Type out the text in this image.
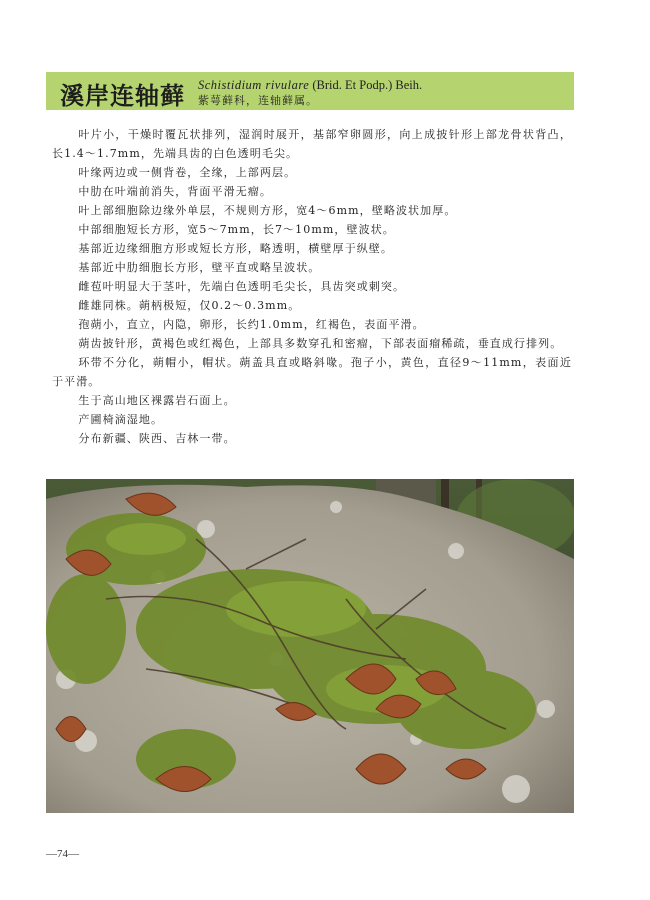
溪岸连轴藓 Schistidium rivulare (Brid. Et Podp.) Beih.
紫萼藓科，连轴藓属。

叶片小，干燥时覆瓦状排列，湿润时展开，基部窄卵圆形，向上成披针形上部龙骨状背凸，长1.4～1.7mm，先端具齿的白色透明毛尖。

叶缘两边或一侧背卷，全缘，上部两层。

中肋在叶端前消失，背面平滑无瘤。

叶上部细胞除边缘外单层，不规则方形，宽4～6mm，壁略波状加厚。

中部细胞短长方形，宽5～7mm，长7～10mm，壁波状。

基部近边缘细胞方形或短长方形，略透明，横壁厚于纵壁。

基部近中肋细胞长方形，壁平直或略呈波状。

雌苞叶明显大于茎叶，先端白色透明毛尖长，具齿突或刺突。

雌雄同株。蒴柄极短，仅0.2～0.3mm。

孢蒴小，直立，内隐，卵形，长约1.0mm，红褐色，表面平滑。

蒴齿披针形，黄褐色或红褐色，上部具多数穿孔和密瘤，下部表面瘤稀疏，垂直成行排列。

环带不分化，蒴帽小，帽状。蒴盖具直或略斜喙。孢子小，黄色，直径9～11mm，表面近于平滑。

生于高山地区裸露岩石面上。

产圃椅滴湿地。

分布新疆、陕西、吉林一带。

—74—
